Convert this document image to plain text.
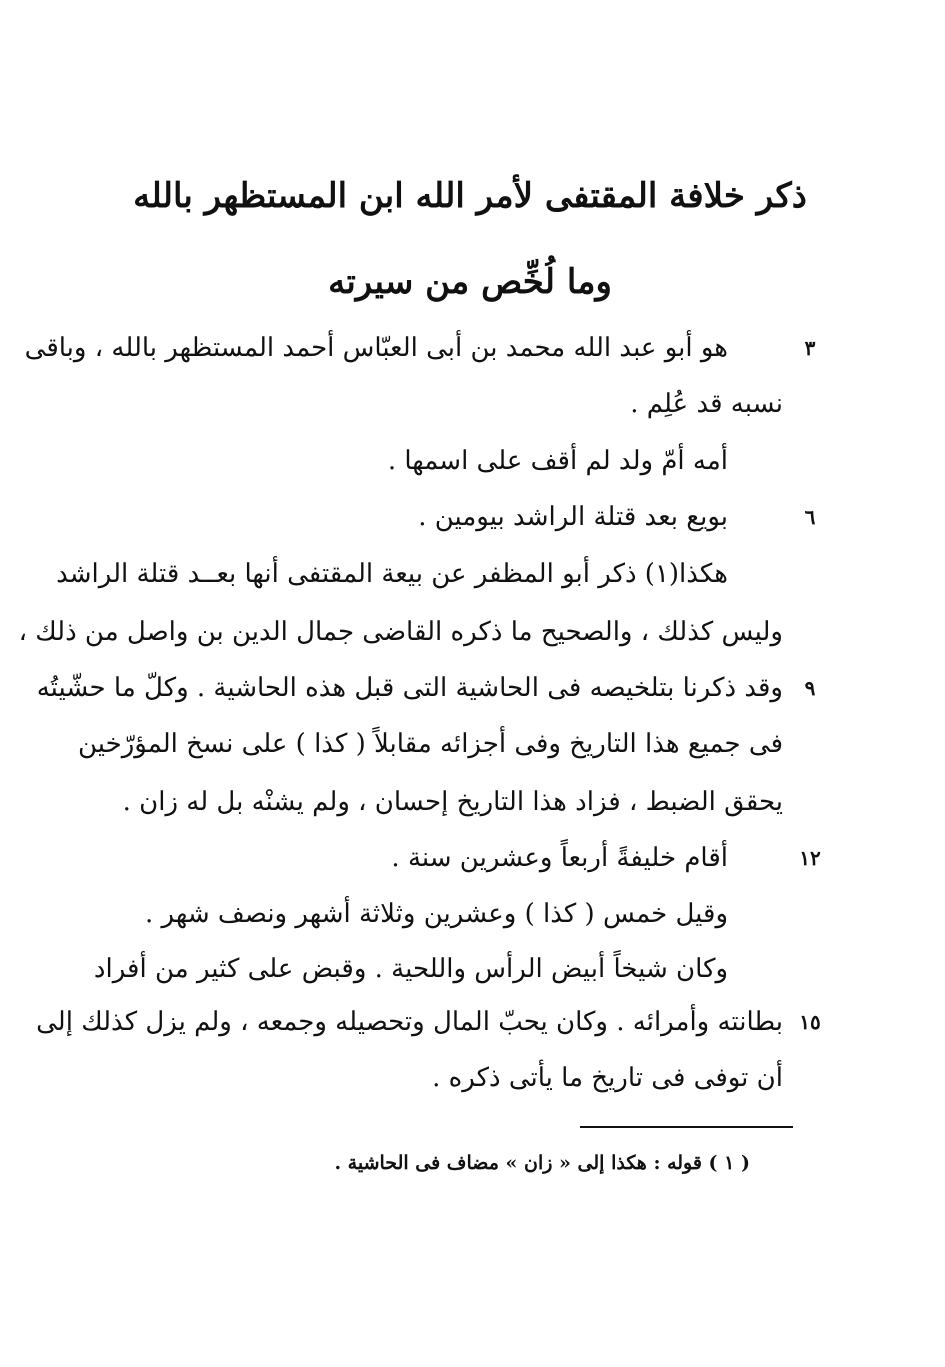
ذكر خلافة المقتفى لأمر الله ابن المستظهر بالله
وما لُخِّص من سيرته
٣
هو أبو عبد الله محمد بن أبى العبّاس أحمد المستظهر بالله ، وباقى
نسبه قد عُلِم .
أمه أمّ ولد لم أقف على اسمها .
٦
بويع بعد قتلة الراشد بيومين .
هكذا(١) ذكر أبو المظفر عن بيعة المقتفى أنها بعــد قتلة الراشد
وليس كذلك ، والصحيح ما ذكره القاضى جمال الدين بن واصل من ذلك ،
٩
وقد ذكرنا بتلخيصه فى الحاشية التى قبل هذه الحاشية . وكلّ ما حشّيتُه
فى جميع هذا التاريخ وفى أجزائه مقابلاً ( كذا ) على نسخ المؤرّخين
يحقق الضبط ، فزاد هذا التاريخ إحسان ، ولم يشنْه بل له زان .
١٢
أقام خليفةً أربعاً وعشرين سنة .
وقيل خمس ( كذا ) وعشرين وثلاثة أشهر ونصف شهر .
وكان شيخاً أبيض الرأس واللحية . وقبض على كثير من أفراد
١٥
بطانته وأمرائه . وكان يحبّ المال وتحصيله وجمعه ، ولم يزل كذلك إلى
أن توفى فى تاريخ ما يأتى ذكره .
( ١ ) قوله : هكذا إلى « زان » مضاف فى الحاشية .
